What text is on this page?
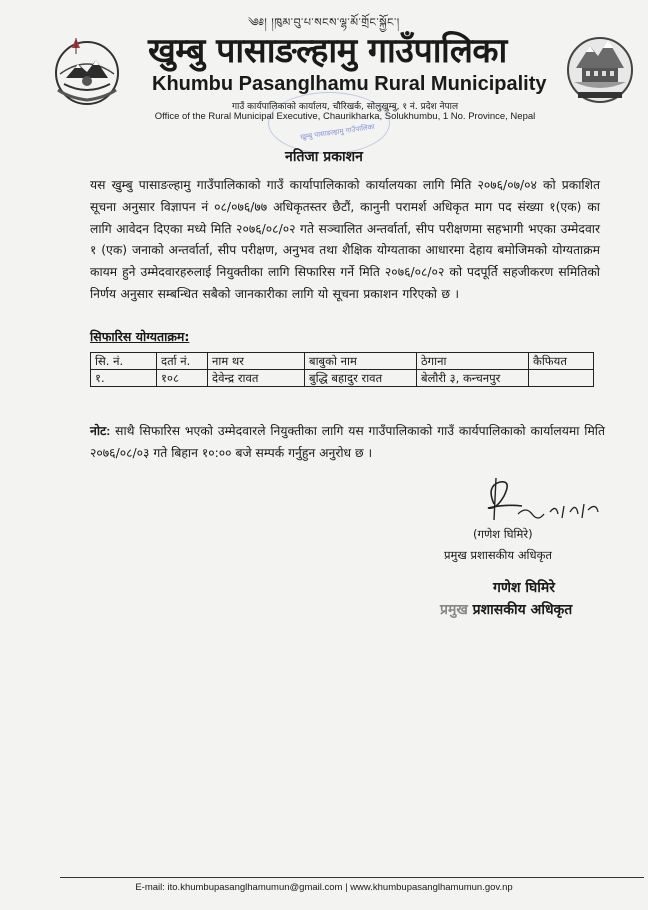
༄༅། །ཁུམ་བུ་པ་སངས་ལྷ་མོ་གྲོང་སྐྱོང་།
खुम्बु पासाङल्हामु गाउँपालिका
Khumbu Pasanglhamu Rural Municipality
गाउँ कार्यपालिकाको कार्यालय, चौरिखर्क, सोलुखुम्बु, १ नं. प्रदेश नेपाल
Office of the Rural Municipal Executive, Chaurikharka, Solukhumbu, 1 No. Province, Nepal
खुम्बु पासाङल्हामु गाउँपालिका
नतिजा प्रकाशन
यस खुम्बु पासाङल्हामु गाउँपालिकाको गाउँ कार्यापालिकाको कार्यालयका लागि मिति २०७६/०७/०४ को प्रकाशित सूचना अनुसार विज्ञापन नं ०८/०७६/७७ अधिकृतस्तर छैटौं, कानुनी परामर्श अधिकृत माग पद संख्या १(एक) का लागि आवेदन दिएका मध्ये मिति २०७६/०८/०२ गते सञ्चालित अन्तर्वार्ता, सीप परीक्षणमा सहभागी भएका उम्मेदवार १ (एक) जनाको अन्तर्वार्ता, सीप परीक्षण, अनुभव तथा शैक्षिक योग्यताका आधारमा देहाय बमोजिमको योग्यताक्रम कायम हुने उम्मेदवारहरुलाई नियुक्तीका लागि सिफारिस गर्ने मिति २०७६/०८/०२ को पदपूर्ति सहजीकरण समितिको निर्णय अनुसार सम्बन्धित सबैको जानकारीका लागि यो सूचना प्रकाशन गरिएको छ ।
सिफारिस योग्यताक्रम:
सि. नं.	दर्ता नं.	नाम थर	बाबुको नाम	ठेगाना	कैफियत
१.	१०८	देवेन्द्र रावत	बुद्धि बहादुर रावत	बेलौरी ३, कन्चनपुर	
नोट: साथै सिफारिस भएको उम्मेदवारले नियुक्तीका लागि यस गाउँपालिकाको गाउँ कार्यपालिकाको कार्यालयमा मिति २०७६/०८/०३ गते बिहान १०:०० बजे सम्पर्क गर्नुहुन अनुरोध छ ।
(गणेश घिमिरे)
प्रमुख प्रशासकीय अधिकृत
गणेश घिमिरे
प्रमुख प्रशासकीय अधिकृत
E-mail: ito.khumbupasanglhamumun@gmail.com | www.khumbupasanglhamumun.gov.np
